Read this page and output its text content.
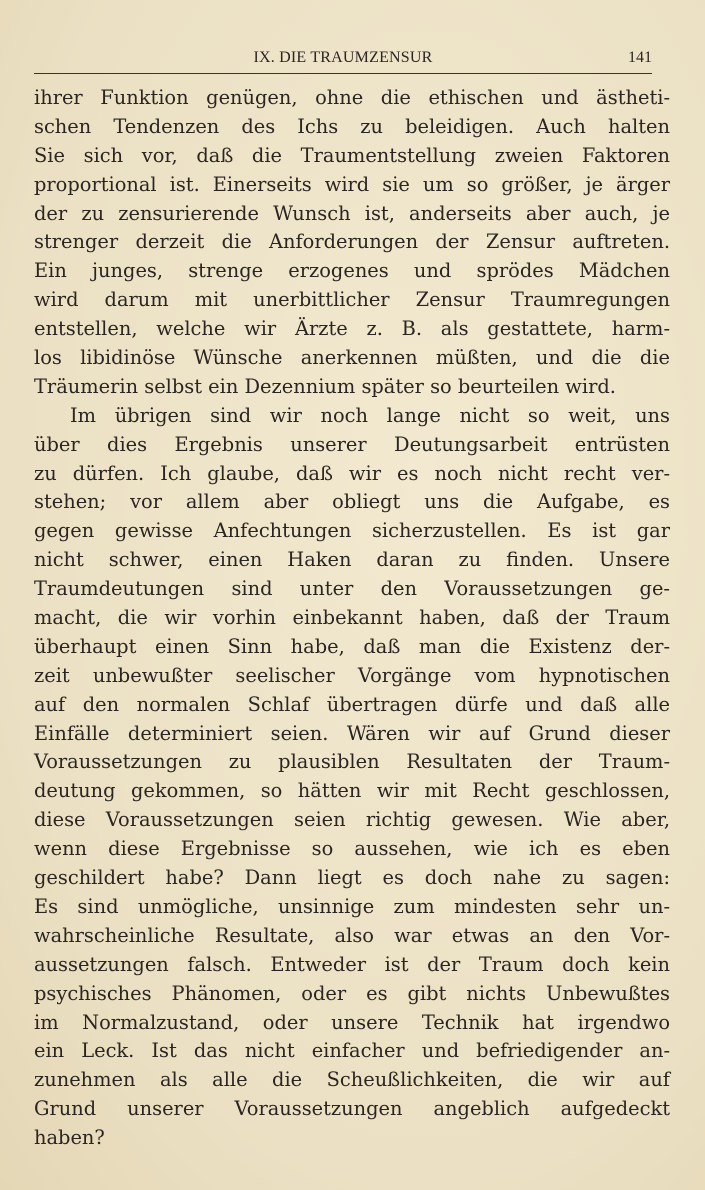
IX. DIE TRAUMZENSUR	141
ihrer Funktion genügen, ohne die ethischen und ästheti-
schen Tendenzen des Ichs zu beleidigen. Auch halten
Sie sich vor, daß die Traumentstellung zweien Faktoren
proportional ist. Einerseits wird sie um so größer, je ärger
der zu zensurierende Wunsch ist, anderseits aber auch, je
strenger derzeit die Anforderungen der Zensur auftreten.
Ein junges, strenge erzogenes und sprödes Mädchen
wird darum mit unerbittlicher Zensur Traumregungen
entstellen, welche wir Ärzte z. B. als gestattete, harm-
los libidinöse Wünsche anerkennen müßten, und die die
Träumerin selbst ein Dezennium später so beurteilen wird.
Im übrigen sind wir noch lange nicht so weit, uns
über dies Ergebnis unserer Deutungsarbeit entrüsten
zu dürfen. Ich glaube, daß wir es noch nicht recht ver-
stehen; vor allem aber obliegt uns die Aufgabe, es
gegen gewisse Anfechtungen sicherzustellen. Es ist gar
nicht schwer, einen Haken daran zu finden. Unsere
Traumdeutungen sind unter den Voraussetzungen ge-
macht, die wir vorhin einbekannt haben, daß der Traum
überhaupt einen Sinn habe, daß man die Existenz der-
zeit unbewußter seelischer Vorgänge vom hypnotischen
auf den normalen Schlaf übertragen dürfe und daß alle
Einfälle determiniert seien. Wären wir auf Grund dieser
Voraussetzungen zu plausiblen Resultaten der Traum-
deutung gekommen, so hätten wir mit Recht geschlossen,
diese Voraussetzungen seien richtig gewesen. Wie aber,
wenn diese Ergebnisse so aussehen, wie ich es eben
geschildert habe? Dann liegt es doch nahe zu sagen:
Es sind unmögliche, unsinnige zum mindesten sehr un-
wahrscheinliche Resultate, also war etwas an den Vor-
aussetzungen falsch. Entweder ist der Traum doch kein
psychisches Phänomen, oder es gibt nichts Unbewußtes
im Normalzustand, oder unsere Technik hat irgendwo
ein Leck. Ist das nicht einfacher und befriedigender an-
zunehmen als alle die Scheußlichkeiten, die wir auf
Grund unserer Voraussetzungen angeblich aufgedeckt
haben?
